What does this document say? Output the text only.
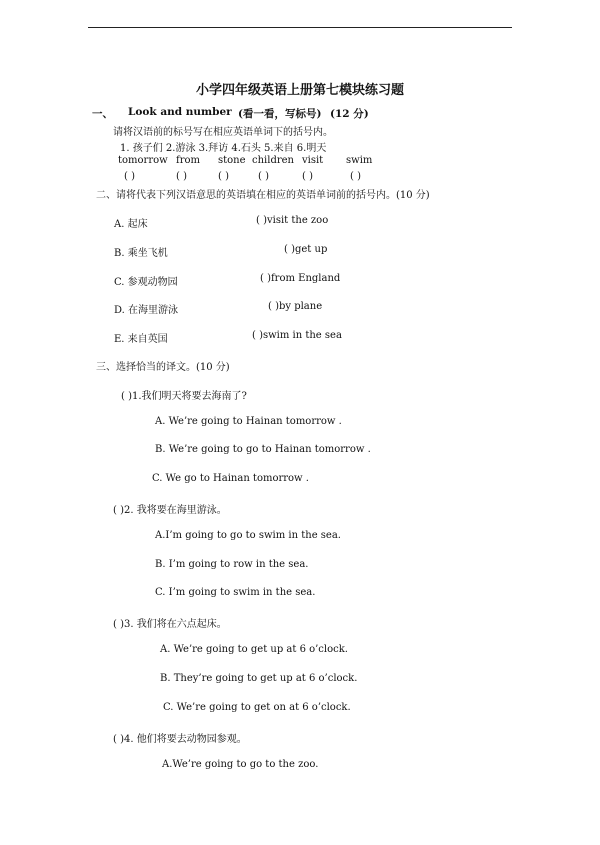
小学四年级英语上册第七模块练习题
一、 Look and number (看一看，写标号) (12 分)
请将汉语前的标号写在相应英语单词下的括号内。
1. 孩子们 2.游泳 3.拜访 4.石头 5.来自 6.明天
tomorrow from stone children visit swim
( )	( )	( )	( )	( )	( )
二、请将代表下列汉语意思的英语填在相应的英语单词前的括号内。(10 分)
A. 起床	( )visit the zoo
B. 乘坐飞机	( )get up
C. 参观动物园	( )from England
D. 在海里游泳	( )by plane
E. 来自英国	( )swim in the sea
三、选择恰当的译文。(10 分)
( )1.我们明天将要去海南了?
A. We’re going to Hainan tomorrow .
B. We’re going to go to Hainan tomorrow .
C. We go to Hainan tomorrow .
( )2. 我将要在海里游泳。
A.I’m going to go to swim in the sea.
B. I’m going to row in the sea.
C. I’m going to swim in the sea.
( )3. 我们将在六点起床。
A. We’re going to get up at 6 o’clock.
B. They’re going to get up at 6 o’clock.
C. We’re going to get on at 6 o’clock.
( )4. 他们将要去动物园参观。
A.We’re going to go to the zoo.
